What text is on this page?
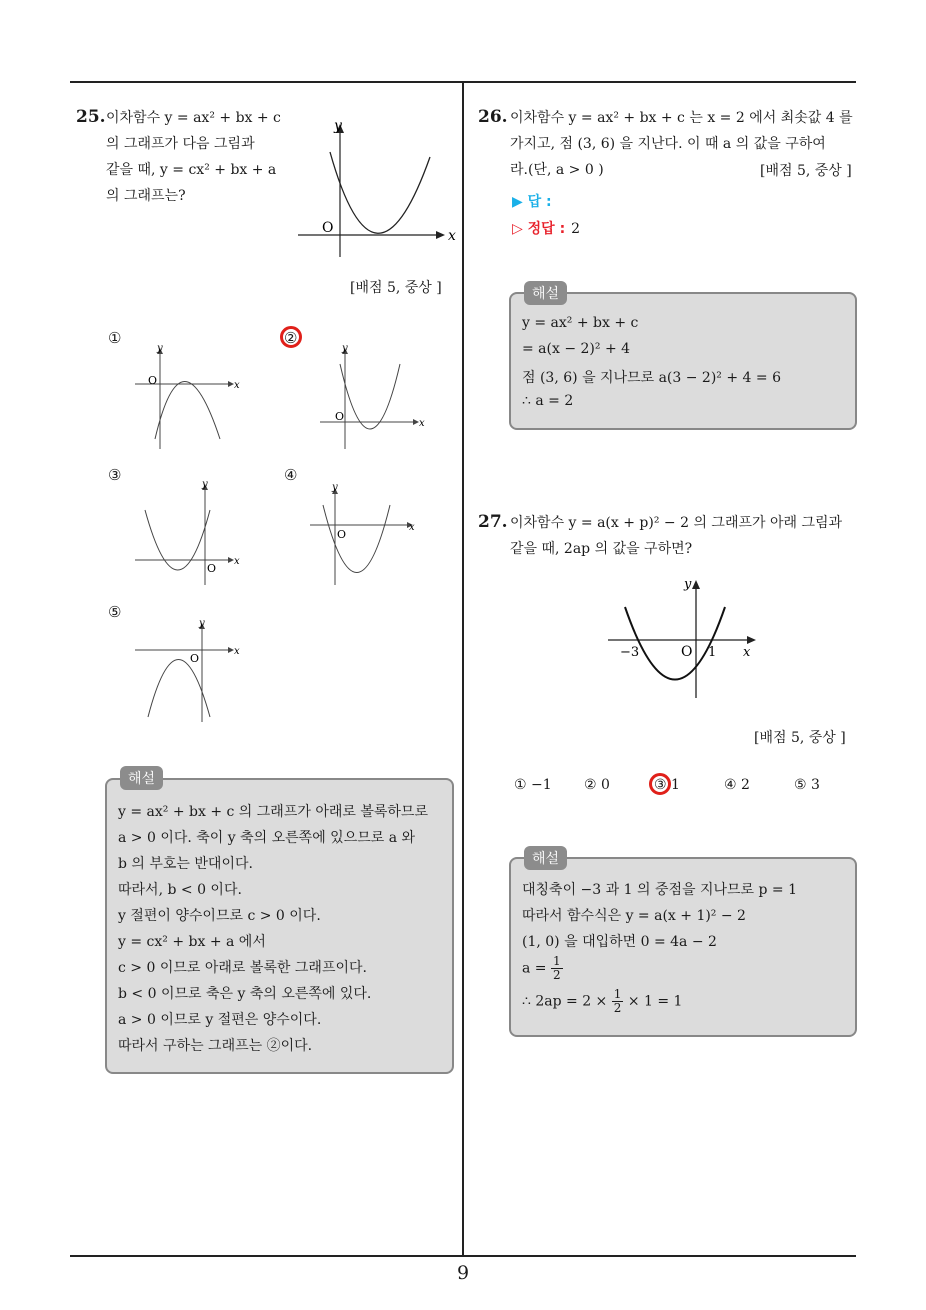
9
25. 이차함수 y = ax² + bx + c
의 그래프가 다음 그림과
같을 때, y = cx² + bx + a
의 그래프는?
y
x
O
[배점 5, 중상 ]
①
y
x
O
②
y
x
O
③
y
x
O
④
y
x
O
⑤
y
x
O
해설
y = ax² + bx + c 의 그래프가 아래로 볼록하므로
a > 0 이다. 축이 y 축의 오른쪽에 있으므로 a 와
b 의 부호는 반대이다.
따라서, b < 0 이다.
y 절편이 양수이므로 c > 0 이다.
y = cx² + bx + a 에서
c > 0 이므로 아래로 볼록한 그래프이다.
b < 0 이므로 축은 y 축의 오른쪽에 있다.
a > 0 이므로 y 절편은 양수이다.
따라서 구하는 그래프는 ②이다.
26. 이차함수 y = ax² + bx + c 는 x = 2 에서 최솟값 4 를
가지고, 점 (3, 6) 을 지난다. 이 때 a 의 값을 구하여
라.(단, a > 0 )	[배점 5, 중상 ]
▶ 답 :
▷ 정답 : 2
해설
y = ax² + bx + c
= a(x − 2)² + 4
점 (3, 6) 을 지나므로 a(3 − 2)² + 4 = 6
∴ a = 2
27. 이차함수 y = a(x + p)² − 2 의 그래프가 아래 그림과
같을 때, 2ap 의 값을 구하면?
y
x
O
−3	1
[배점 5, 중상 ]
① −1 ② 0	③ 1	④ 2	⑤ 3
해설
대칭축이 −3 과 1 의 중점을 지나므로 p = 1
따라서 함수식은 y = a(x + 1)² − 2
(1, 0) 을 대입하면 0 = 4a − 2
$a = \frac{1}{2}$
∴ $2ap = 2 \times \frac{1}{2} \times 1 = 1$
